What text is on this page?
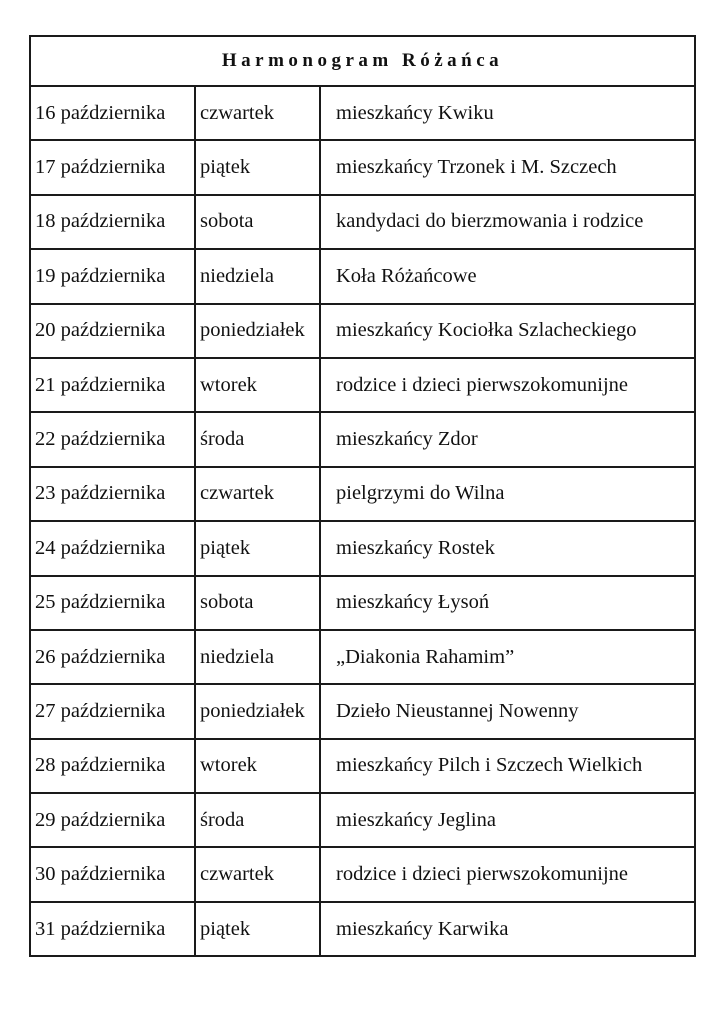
Harmonogram Różańca		
16 października	czwartek	mieszkańcy Kwiku
17 października	piątek	mieszkańcy Trzonek i M. Szczech
18 października	sobota	kandydaci do bierzmowania i rodzice
19 października	niedziela	Koła Różańcowe
20 października	poniedziałek	mieszkańcy Kociołka Szlacheckiego
21 października	wtorek	rodzice i dzieci pierwszokomunijne
22 października	środa	mieszkańcy Zdor
23 października	czwartek	pielgrzymi do Wilna
24 października	piątek	mieszkańcy Rostek
25 października	sobota	mieszkańcy Łysoń
26 października	niedziela	„Diakonia Rahamim”
27 października	poniedziałek	Dzieło Nieustannej Nowenny
28 października	wtorek	mieszkańcy Pilch i Szczech Wielkich
29 października	środa	mieszkańcy Jeglina
30 października	czwartek	rodzice i dzieci pierwszokomunijne
31 października	piątek	mieszkańcy Karwika
